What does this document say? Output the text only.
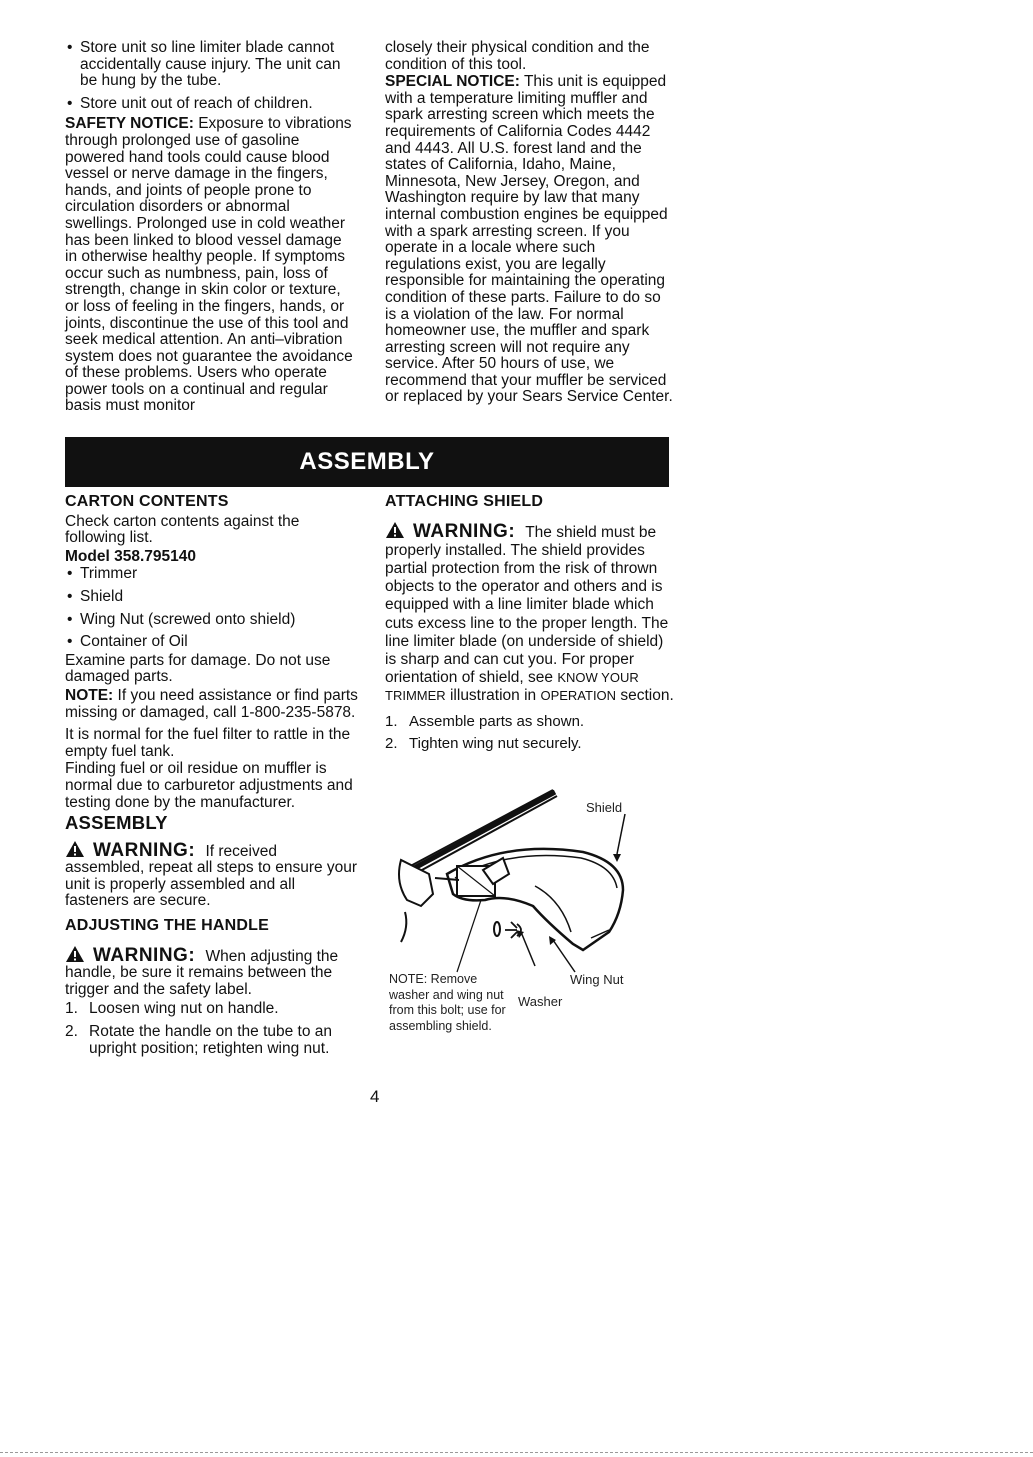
• Store unit so line limiter blade cannot accidentally cause injury. The unit can be hung by the tube.

• Store unit out of reach of children.

SAFETY NOTICE: Exposure to vibrations through prolonged use of gasoline powered hand tools could cause blood vessel or nerve damage in the fingers, hands, and joints of people prone to circulation disorders or abnormal swellings. Prolonged use in cold weather has been linked to blood vessel damage in otherwise healthy people. If symptoms occur such as numbness, pain, loss of strength, change in skin color or texture, or loss of feeling in the fingers, hands, or joints, discontinue the use of this tool and seek medical attention. An anti–vibration system does not guarantee the avoidance of these problems. Users who operate power tools on a continual and regular basis must monitor

closely their physical condition and the condition of this tool.

SPECIAL NOTICE: This unit is equipped with a temperature limiting muffler and spark arresting screen which meets the requirements of California Codes 4442 and 4443. All U.S. forest land and the states of California, Idaho, Maine, Minnesota, New Jersey, Oregon, and Washington require by law that many internal combustion engines be equipped with a spark arresting screen. If you operate in a locale where such regulations exist, you are legally responsible for maintaining the operating condition of these parts. Failure to do so is a violation of the law. For normal homeowner use, the muffler and spark arresting screen will not require any service. After 50 hours of use, we recommend that your muffler be serviced or replaced by your Sears Service Center.

ASSEMBLY
CARTON CONTENTS

Check carton contents against the following list.

Model 358.795140

• Trimmer

• Shield

• Wing Nut (screwed onto shield)

• Container of Oil

Examine parts for damage. Do not use damaged parts.

NOTE: If you need assistance or find parts missing or damaged, call 1-800-235-5878.

It is normal for the fuel filter to rattle in the empty fuel tank.

Finding fuel or oil residue on muffler is normal due to carburetor adjustments and testing done by the manufacturer.

ASSEMBLY

WARNING: If received assembled, repeat all steps to ensure your unit is properly assembled and all fasteners are secure.

ADJUSTING THE HANDLE

WARNING: When adjusting the handle, be sure it remains between the trigger and the safety label.

1. Loosen wing nut on handle.

2. Rotate the handle on the tube to an upright position; retighten wing nut.

ATTACHING SHIELD

WARNING: The shield must be properly installed. The shield provides partial protection from the risk of thrown objects to the operator and others and is equipped with a line limiter blade which cuts excess line to the proper length. The line limiter blade (on underside of shield) is sharp and can cut you. For proper orientation of shield, see KNOW YOUR TRIMMER illustration in OPERATION section.

1. Assemble parts as shown.

2. Tighten wing nut securely.

Shield
Wing Nut
Washer
NOTE: Remove washer and wing nut from this bolt; use for assembling shield.
4
